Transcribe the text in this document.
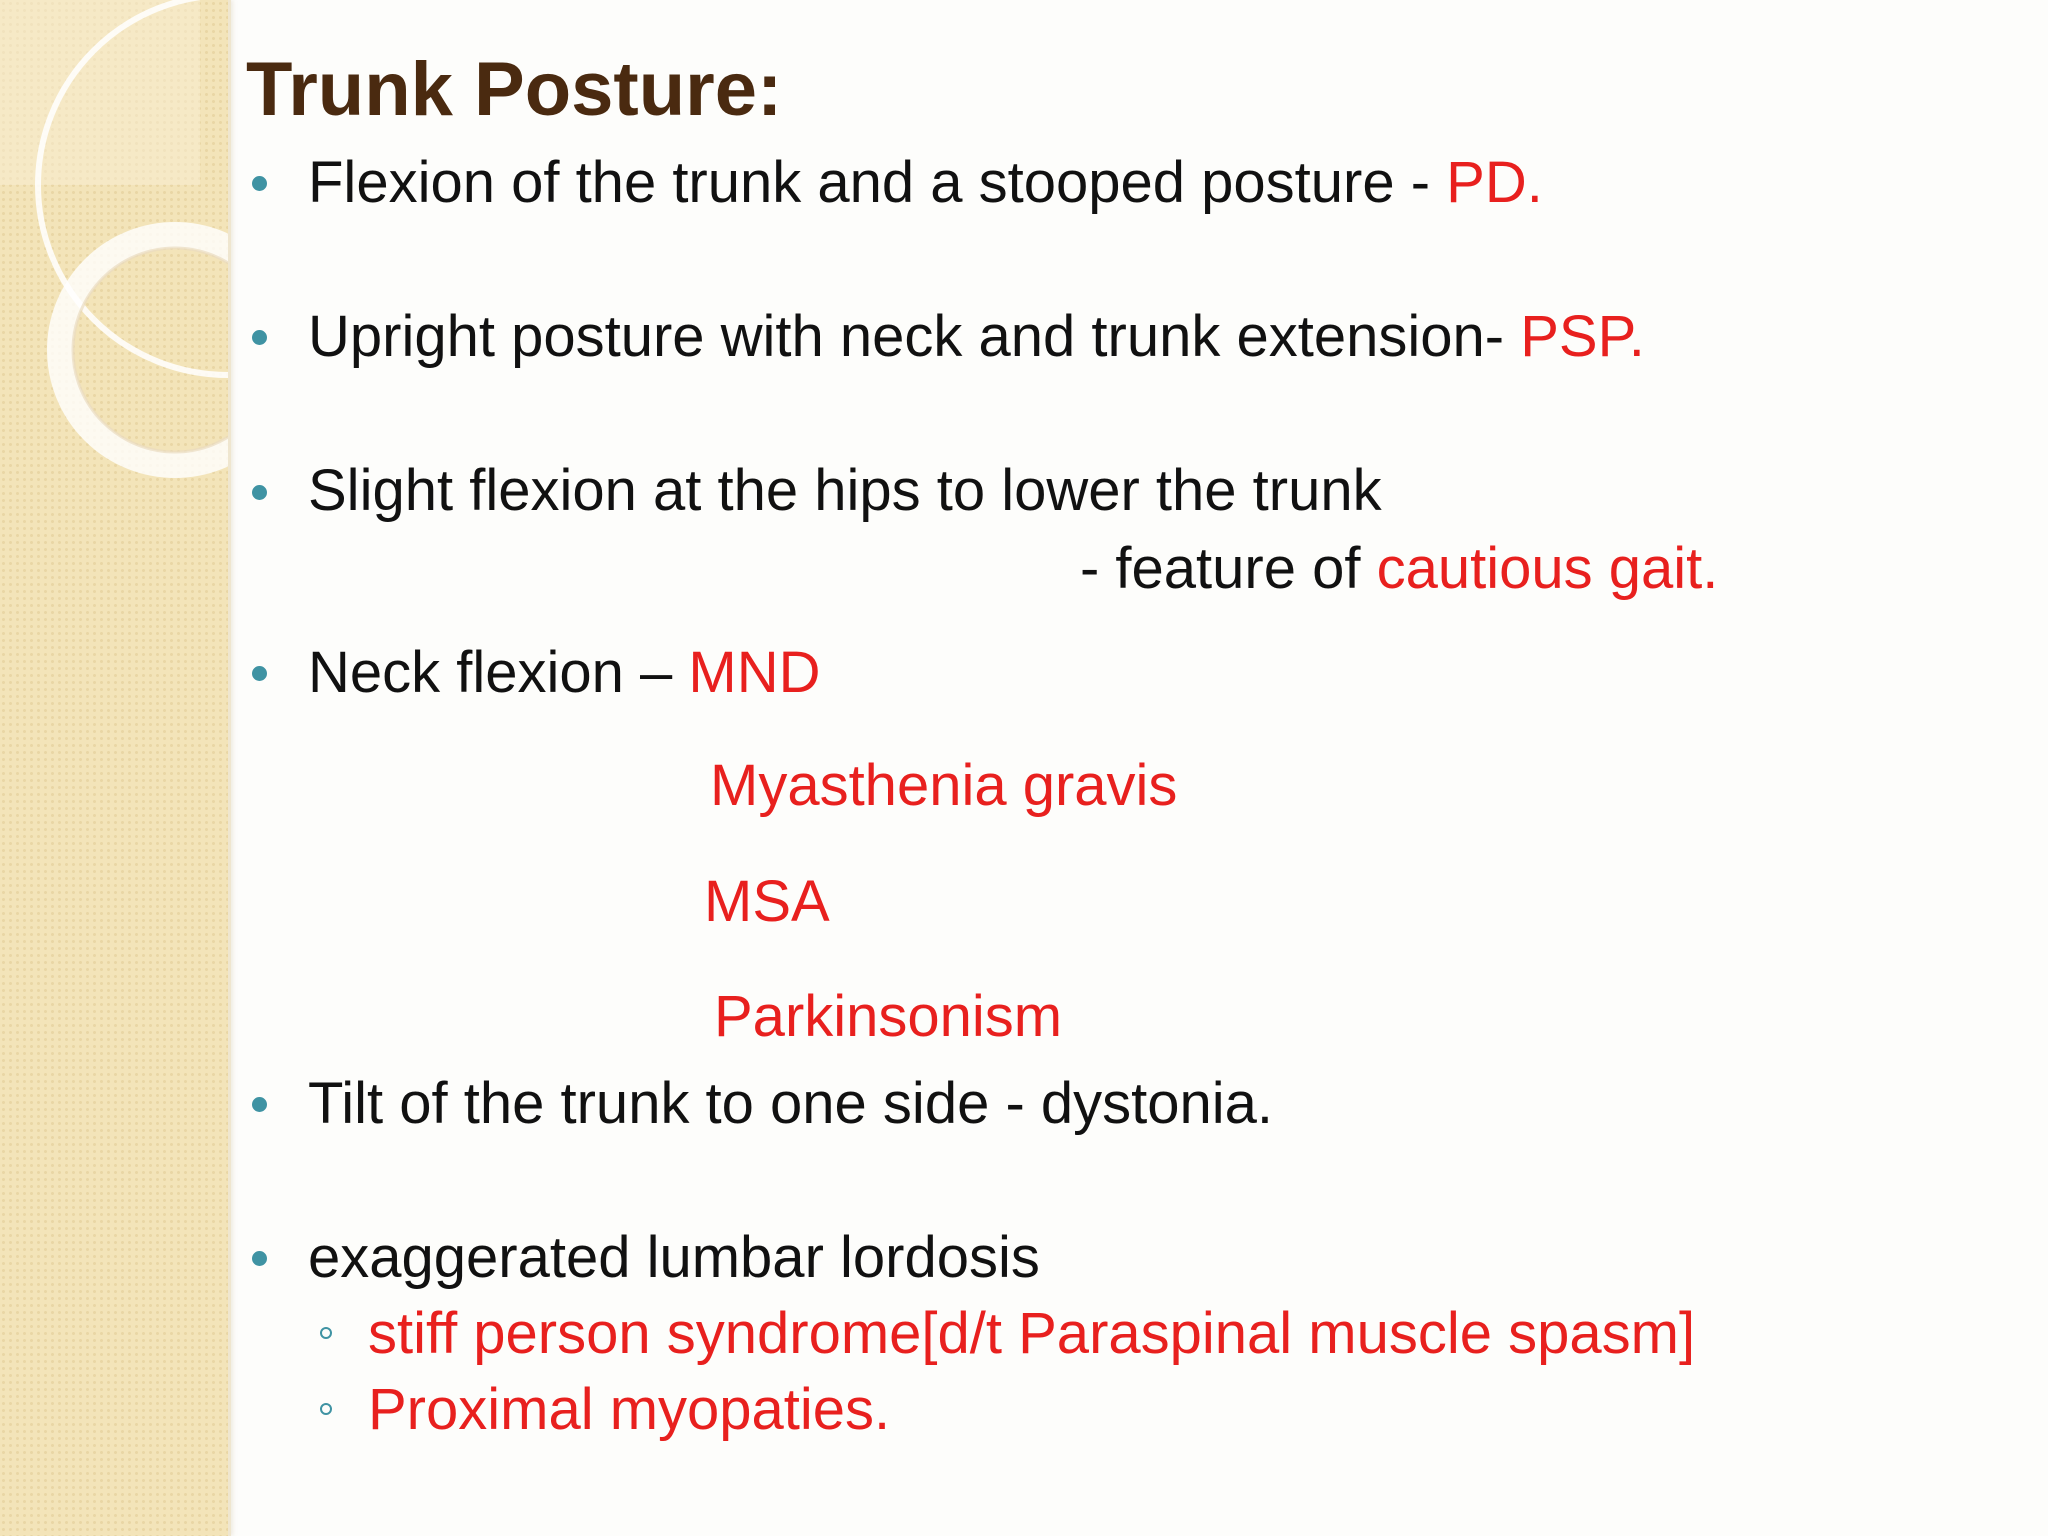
Trunk Posture:
Flexion of the trunk and a stooped posture - PD.
Upright posture with neck and trunk extension- PSP.
Slight flexion at the hips to lower the trunk
- feature of cautious gait.
Neck flexion – MND
Myasthenia gravis
MSA
Parkinsonism
Tilt of the trunk to one side - dystonia.
exaggerated lumbar lordosis
stiff person syndrome[d/t Paraspinal muscle spasm]
Proximal myopaties.
